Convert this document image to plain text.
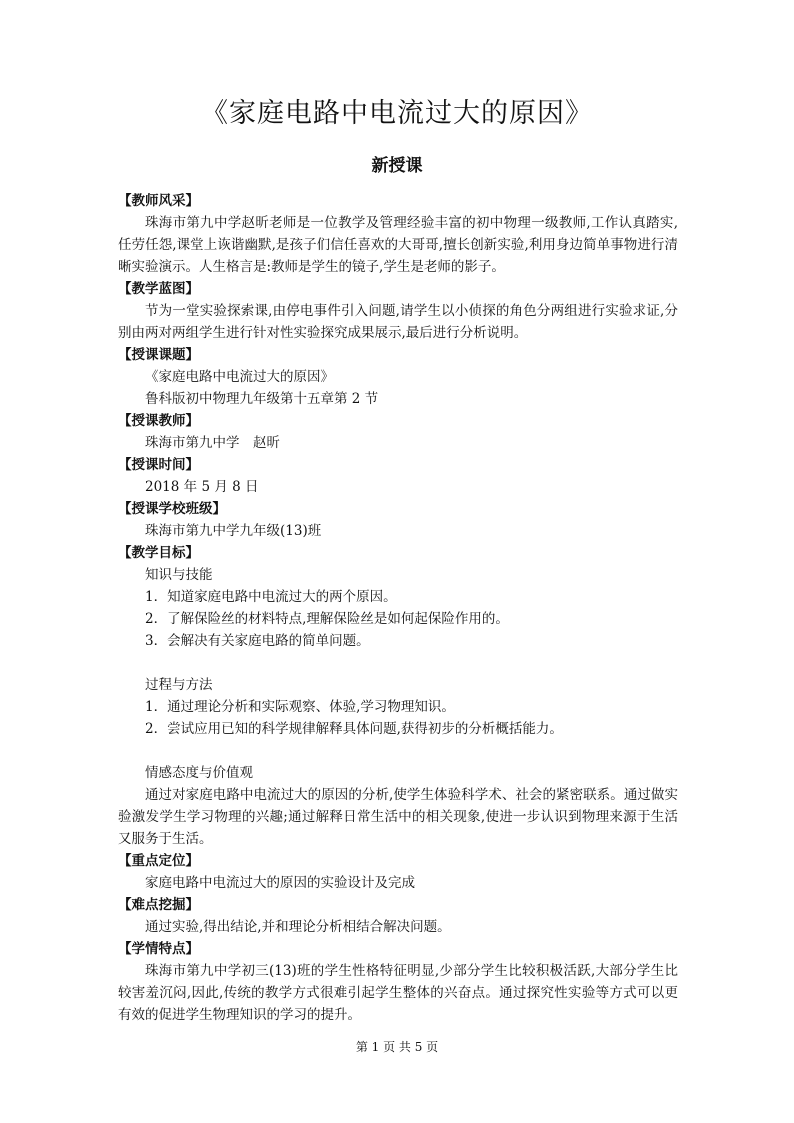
《家庭电路中电流过大的原因》
新授课

【教师风采】

珠海市第九中学赵昕老师是一位教学及管理经验丰富的初中物理一级教师,工作认真踏实,任劳任怨,课堂上诙谐幽默,是孩子们信任喜欢的大哥哥,擅长创新实验,利用身边简单事物进行清晰实验演示。人生格言是:教师是学生的镜子,学生是老师的影子。

【教学蓝图】

节为一堂实验探索课,由停电事件引入问题,请学生以小侦探的角色分两组进行实验求证,分别由两对两组学生进行针对性实验探究成果展示,最后进行分析说明。

【授课课题】

《家庭电路中电流过大的原因》

鲁科版初中物理九年级第十五章第 2 节

【授课教师】

珠海市第九中学　赵昕

【授课时间】

2018 年 5 月 8 日

【授课学校班级】

珠海市第九中学九年级(13)班

【教学目标】

知识与技能

1．知道家庭电路中电流过大的两个原因。

2．了解保险丝的材料特点,理解保险丝是如何起保险作用的。

3．会解决有关家庭电路的简单问题。

过程与方法

1．通过理论分析和实际观察、体验,学习物理知识。

2．尝试应用已知的科学规律解释具体问题,获得初步的分析概括能力。

情感态度与价值观

通过对家庭电路中电流过大的原因的分析,使学生体验科学术、社会的紧密联系。通过做实验激发学生学习物理的兴趣;通过解释日常生活中的相关现象,使进一步认识到物理来源于生活又服务于生活。

【重点定位】

家庭电路中电流过大的原因的实验设计及完成

【难点挖掘】

通过实验,得出结论,并和理论分析相结合解决问题。

【学情特点】

珠海市第九中学初三(13)班的学生性格特征明显,少部分学生比较积极活跃,大部分学生比较害羞沉闷,因此,传统的教学方式很难引起学生整体的兴奋点。通过探究性实验等方式可以更有效的促进学生物理知识的学习的提升。

第 1 页 共 5 页
